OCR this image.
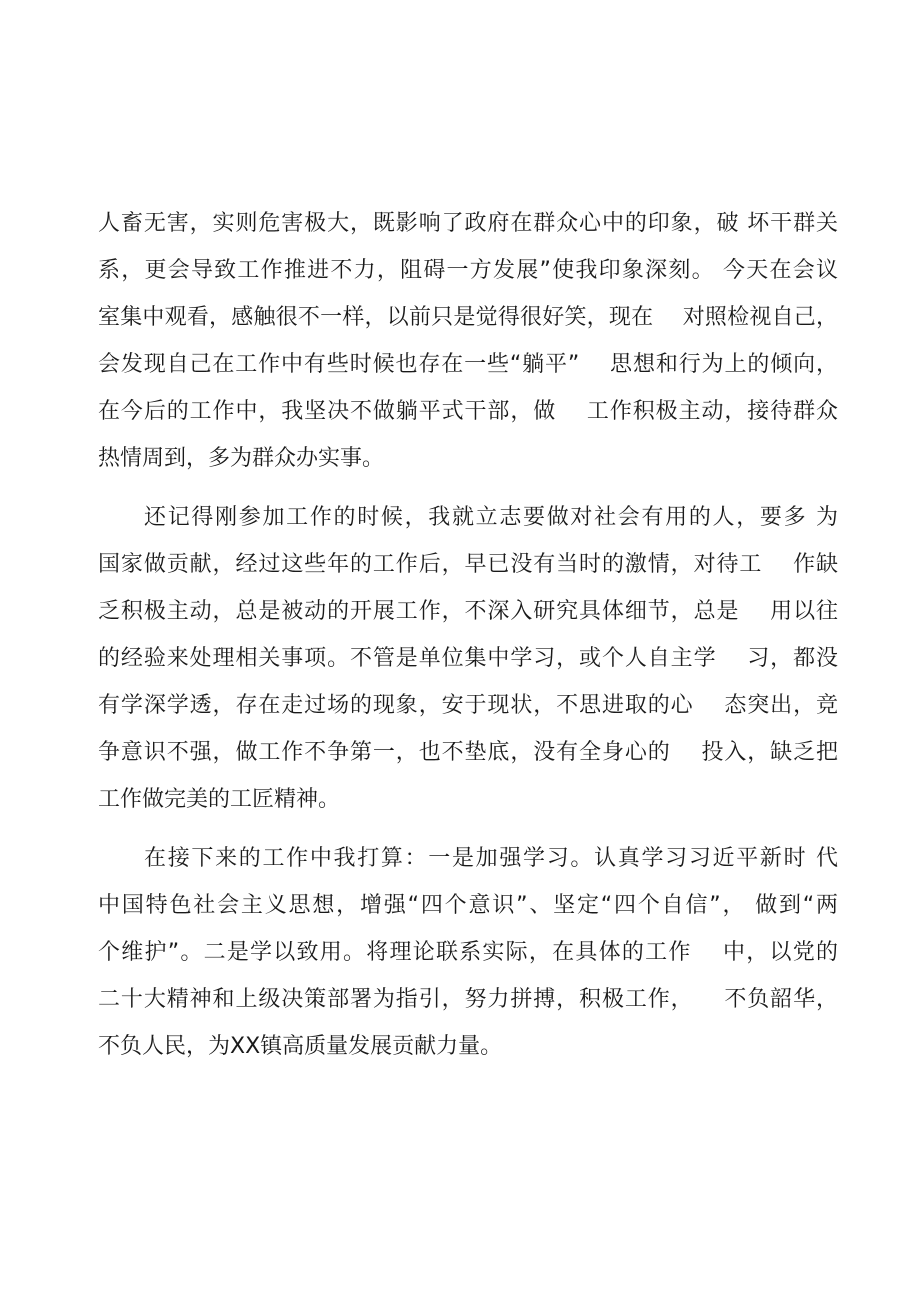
人畜无害，实则危害极大，既影响了政府在群众心中的印象，破 坏干群关
系，更会导致工作推进不力，阻碍一方发展”使我印象深刻。 今天在会议
室集中观看，感触很不一样，以前只是觉得很好笑，现在 　对照检视自己，
会发现自己在工作中有些时候也存在一些“躺平” 　思想和行为上的倾向，
在今后的工作中，我坚决不做躺平式干部，做 　工作积极主动，接待群众
热情周到，多为群众办实事。
还记得刚参加工作的时候，我就立志要做对社会有用的人，要多 为
国家做贡献，经过这些年的工作后，早已没有当时的激情，对待工 　作缺
乏积极主动，总是被动的开展工作，不深入研究具体细节，总是 　用以往
的经验来处理相关事项。不管是单位集中学习，或个人自主学 　习，都没
有学深学透，存在走过场的现象，安于现状，不思进取的心 　态突出，竞
争意识不强，做工作不争第一，也不垫底，没有全身心的 　投入，缺乏把
工作做完美的工匠精神。
在接下来的工作中我打算：一是加强学习。认真学习习近平新时 代
中国特色社会主义思想，增强“四个意识”、坚定“四个自信”， 做到“两
个维护”。二是学以致用。将理论联系实际，在具体的工作 　中，以党的
二十大精神和上级决策部署为指引，努力拼搏，积极工作， 　不负韶华，
不负人民，为XX镇高质量发展贡献力量。
